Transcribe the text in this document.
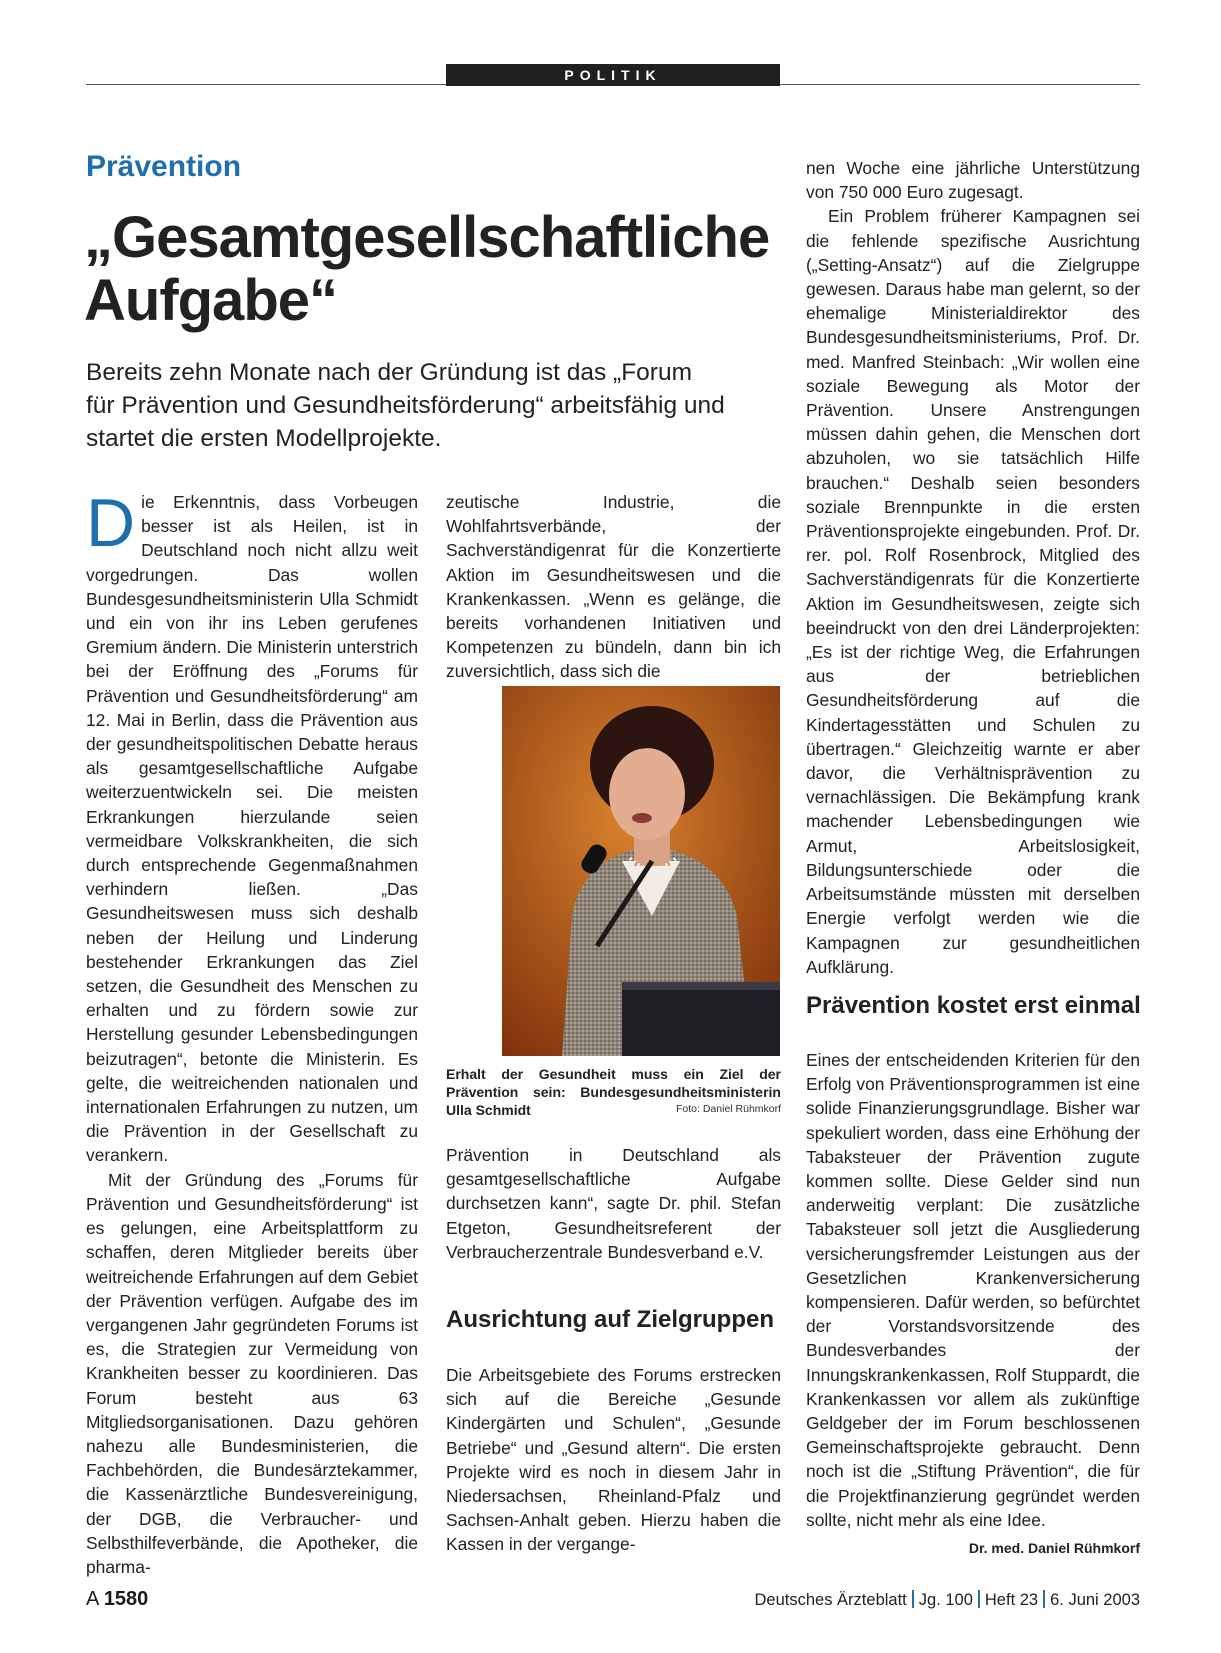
POLITIK
Prävention
„Gesamtgesellschaftliche Aufgabe“

Bereits zehn Monate nach der Gründung ist das „Forum für Prävention und Gesundheitsförderung“ arbeitsfähig und startet die ersten Modellprojekte.

Die Erkenntnis, dass Vorbeugen besser ist als Heilen, ist in Deutschland noch nicht allzu weit vorgedrungen. Das wollen Bundesgesundheitsministerin Ulla Schmidt und ein von ihr ins Leben gerufenes Gremium ändern. Die Ministerin unterstrich bei der Eröffnung des „Forums für Prävention und Gesundheitsförderung“ am 12. Mai in Berlin, dass die Prävention aus der gesundheitspolitischen Debatte heraus als gesamtgesellschaftliche Aufgabe weiterzuentwickeln sei. Die meisten Erkrankungen hierzulande seien vermeidbare Volkskrankheiten, die sich durch entsprechende Gegenmaßnahmen verhindern ließen. „Das Gesundheitswesen muss sich deshalb neben der Heilung und Linderung bestehender Erkrankungen das Ziel setzen, die Gesundheit des Menschen zu erhalten und zu fördern sowie zur Herstellung gesunder Lebensbedingungen beizutragen“, betonte die Ministerin. Es gelte, die weitreichenden nationalen und internationalen Erfahrungen zu nutzen, um die Prävention in der Gesellschaft zu verankern.

Mit der Gründung des „Forums für Prävention und Gesundheitsförderung“ ist es gelungen, eine Arbeitsplattform zu schaffen, deren Mitglieder bereits über weitreichende Erfahrungen auf dem Gebiet der Prävention verfügen. Aufgabe des im vergangenen Jahr gegründeten Forums ist es, die Strategien zur Vermeidung von Krankheiten besser zu koordinieren. Das Forum besteht aus 63 Mitgliedsorganisationen. Dazu gehören nahezu alle Bundesministerien, die Fachbehörden, die Bundesärztekammer, die Kassenärztliche Bundesvereinigung, der DGB, die Verbraucher- und Selbsthilfeverbände, die Apotheker, die pharma-

zeutische Industrie, die Wohlfahrtsverbände, der Sachverständigenrat für die Konzertierte Aktion im Gesundheitswesen und die Krankenkassen. „Wenn es gelänge, die bereits vorhandenen Initiativen und Kompetenzen zu bündeln, dann bin ich zuversichtlich, dass sich die

Erhalt der Gesundheit muss ein Ziel der Prävention sein: Bundesgesundheitsministerin Ulla Schmidt	Foto: Daniel Rühmkorf

Prävention in Deutschland als gesamtgesellschaftliche Aufgabe durchsetzen kann“, sagte Dr. phil. Stefan Etgeton, Gesundheitsreferent der Verbraucherzentrale Bundesverband e.V.

Ausrichtung auf Zielgruppen

Die Arbeitsgebiete des Forums erstrecken sich auf die Bereiche „Gesunde Kindergärten und Schulen“, „Gesunde Betriebe“ und „Gesund altern“. Die ersten Projekte wird es noch in diesem Jahr in Niedersachsen, Rheinland-Pfalz und Sachsen-Anhalt geben. Hierzu haben die Kassen in der vergange-

nen Woche eine jährliche Unterstützung von 750 000 Euro zugesagt.

Ein Problem früherer Kampagnen sei die fehlende spezifische Ausrichtung („Setting-Ansatz“) auf die Zielgruppe gewesen. Daraus habe man gelernt, so der ehemalige Ministerialdirektor des Bundesgesundheitsministeriums, Prof. Dr. med. Manfred Steinbach: „Wir wollen eine soziale Bewegung als Motor der Prävention. Unsere Anstrengungen müssen dahin gehen, die Menschen dort abzuholen, wo sie tatsächlich Hilfe brauchen.“ Deshalb seien besonders soziale Brennpunkte in die ersten Präventionsprojekte eingebunden. Prof. Dr. rer. pol. Rolf Rosenbrock, Mitglied des Sachverständigenrats für die Konzertierte Aktion im Gesundheitswesen, zeigte sich beeindruckt von den drei Länderprojekten: „Es ist der richtige Weg, die Erfahrungen aus der betrieblichen Gesundheitsförderung auf die Kindertagesstätten und Schulen zu übertragen.“ Gleichzeitig warnte er aber davor, die Verhältnisprävention zu vernachlässigen. Die Bekämpfung krank machender Lebensbedingungen wie Armut, Arbeitslosigkeit, Bildungsunterschiede oder die Arbeitsumstände müssten mit derselben Energie verfolgt werden wie die Kampagnen zur gesundheitlichen Aufklärung.

Prävention kostet erst einmal

Eines der entscheidenden Kriterien für den Erfolg von Präventionsprogrammen ist eine solide Finanzierungsgrundlage. Bisher war spekuliert worden, dass eine Erhöhung der Tabaksteuer der Prävention zugute kommen sollte. Diese Gelder sind nun anderweitig verplant: Die zusätzliche Tabaksteuer soll jetzt die Ausgliederung versicherungsfremder Leistungen aus der Gesetzlichen Krankenversicherung kompensieren. Dafür werden, so befürchtet der Vorstandsvorsitzende des Bundesverbandes der Innungskrankenkassen, Rolf Stuppardt, die Krankenkassen vor allem als zukünftige Geldgeber der im Forum beschlossenen Gemeinschaftsprojekte gebraucht. Denn noch ist die „Stiftung Prävention“, die für die Projektfinanzierung gegründet werden sollte, nicht mehr als eine Idee.
Dr. med. Daniel Rühmkorf

A 1580	Deutsches Ärzteblatt Jg. 100 Heft 23 6. Juni 2003
